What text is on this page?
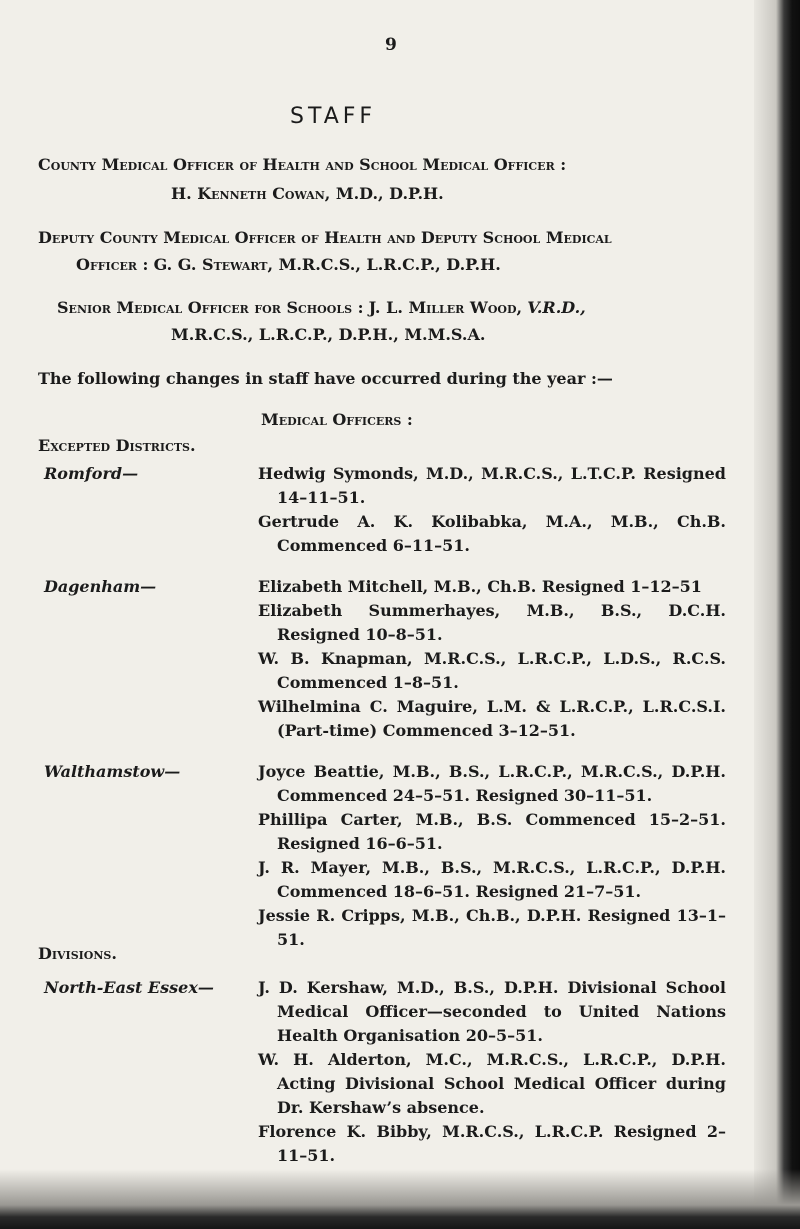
9
STAFF
County Medical Officer of Health and School Medical Officer :
H. Kenneth Cowan, M.D., D.P.H.
Deputy County Medical Officer of Health and Deputy School Medical
Officer : G. G. Stewart, M.R.C.S., L.R.C.P., D.P.H.
Senior Medical Officer for Schools : J. L. Miller Wood, V.R.D.,
M.R.C.S., L.R.C.P., D.P.H., M.M.S.A.
The following changes in staff have occurred during the year :—
Medical Officers :
Excepted Districts.
Romford—	Hedwig Symonds, M.D., M.R.C.S., L.T.C.P. Resigned 14–11–51.

Gertrude A. K. Kolibabka, M.A., M.B., Ch.B. Commenced 6–11–51.

Dagenham—	Elizabeth Mitchell, M.B., Ch.B. Resigned 1–12–51

Elizabeth Summerhayes, M.B., B.S., D.C.H. Resigned 10–8–51.

W. B. Knapman, M.R.C.S., L.R.C.P., L.D.S., R.C.S. Commenced 1–8–51.

Wilhelmina C. Maguire, L.M. & L.R.C.P., L.R.C.S.I. (Part-time) Commenced 3–12–51.

Walthamstow—	Joyce Beattie, M.B., B.S., L.R.C.P., M.R.C.S., D.P.H. Commenced 24–5–51. Resigned 30–11–51.

Phillipa Carter, M.B., B.S. Commenced 15–2–51. Resigned 16–6–51.

J. R. Mayer, M.B., B.S., M.R.C.S., L.R.C.P., D.P.H. Commenced 18–6–51. Resigned 21–7–51.

Jessie R. Cripps, M.B., Ch.B., D.P.H. Resigned 13–1–51.

Divisions.
North-East Essex—	J. D. Kershaw, M.D., B.S., D.P.H. Divisional School Medical Officer—seconded to United Nations Health Organisation 20–5–51.

W. H. Alderton, M.C., M.R.C.S., L.R.C.P., D.P.H. Acting Divisional School Medical Officer during Dr. Kershaw’s absence.

Florence K. Bibby, M.R.C.S., L.R.C.P. Resigned 2–11–51.
